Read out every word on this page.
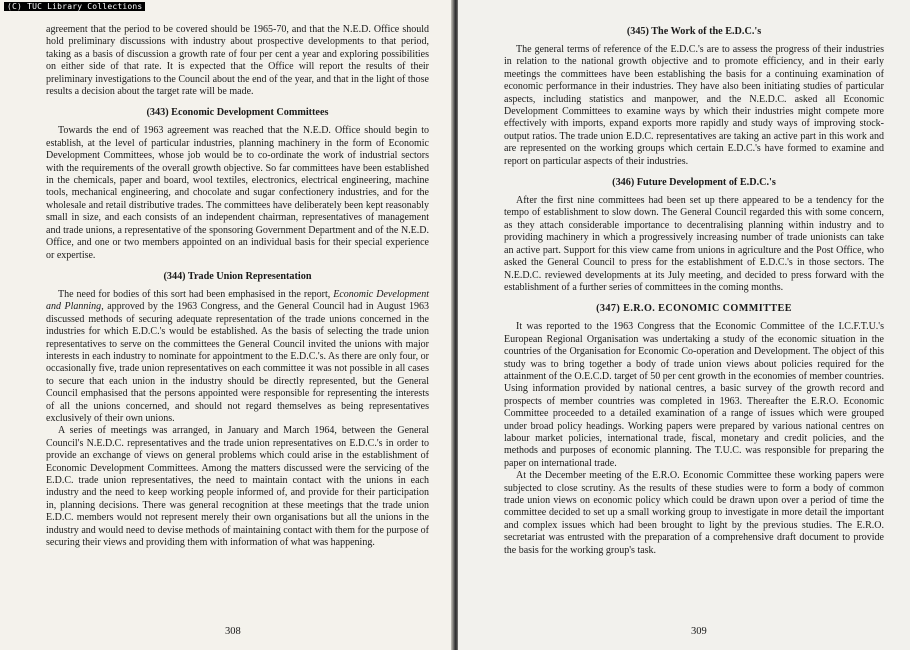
(C) TUC Library Collections

agreement that the period to be covered should be 1965-70, and that the N.E.D. Office should hold preliminary discussions with industry about prospective developments to that period, taking as a basis of discussion a growth rate of four per cent a year and exploring possibilities on either side of that rate. It is expected that the Office will report the results of their preliminary investigations to the Council about the end of the year, and that in the light of those results a decision about the target rate will be made.

(343) Economic Development Committees

Towards the end of 1963 agreement was reached that the N.E.D. Office should begin to establish, at the level of particular industries, planning machinery in the form of Economic Development Committees, whose job would be to co-ordinate the work of industrial sectors with the requirements of the overall growth objective. So far committees have been established in the chemicals, paper and board, wool textiles, electronics, electrical engineering, machine tools, mechanical engineering, and chocolate and sugar confectionery industries, and for the wholesale and retail distributive trades. The committees have deliberately been kept reasonably small in size, and each consists of an independent chairman, representatives of management and trade unions, a representative of the sponsoring Government Department and of the N.E.D. Office, and one or two members appointed on an individual basis for their special experience or expertise.

(344) Trade Union Representation

The need for bodies of this sort had been emphasised in the report, Economic Development and Planning, approved by the 1963 Congress, and the General Council had in August 1963 discussed methods of securing adequate representation of the trade unions concerned in the industries for which E.D.C.'s would be established. As the basis of selecting the trade union representatives to serve on the committees the General Council invited the unions with major interests in each industry to nominate for appointment to the E.D.C.'s. As there are only four, or occasionally five, trade union representatives on each committee it was not possible in all cases to secure that each union in the industry should be directly represented, but the General Council emphasised that the persons appointed were responsible for representing the interests of all the unions concerned, and should not regard themselves as being representatives exclusively of their own unions.

A series of meetings was arranged, in January and March 1964, between the General Council's N.E.D.C. representatives and the trade union representatives on E.D.C.'s in order to provide an exchange of views on general problems which could arise in the establishment of Economic Development Committees. Among the matters discussed were the servicing of the E.D.C. trade union representatives, the need to maintain contact with the unions in each industry and the need to keep working people informed of, and provide for their participation in, planning decisions. There was general recognition at these meetings that the trade union E.D.C. members would not represent merely their own organisations but all the unions in the industry and would need to devise methods of maintaining contact with them for the purpose of securing their views and providing them with information of what was happening.

308
(345) The Work of the E.D.C.'s

The general terms of reference of the E.D.C.'s are to assess the progress of their industries in relation to the national growth objective and to promote efficiency, and in their early meetings the committees have been establishing the basis for a continuing examination of economic performance in their industries. They have also been initiating studies of particular aspects, including statistics and manpower, and the N.E.D.C. asked all Economic Development Committees to examine ways by which their industries might compete more effectively with imports, expand exports more rapidly and study ways of improving stock-output ratios. The trade union E.D.C. representatives are taking an active part in this work and are represented on the working groups which certain E.D.C.'s have formed to examine and report on particular aspects of their industries.

(346) Future Development of E.D.C.'s

After the first nine committees had been set up there appeared to be a tendency for the tempo of establishment to slow down. The General Council regarded this with some concern, as they attach considerable importance to decentralising planning within industry and to providing machinery in which a progressively increasing number of trade unionists can take an active part. Support for this view came from unions in agriculture and the Post Office, who asked the General Council to press for the establishment of E.D.C.'s in those sectors. The N.E.D.C. reviewed developments at its July meeting, and decided to press forward with the establishment of a further series of committees in the coming months.

(347) E.R.O. ECONOMIC COMMITTEE

It was reported to the 1963 Congress that the Economic Committee of the I.C.F.T.U.'s European Regional Organisation was undertaking a study of the economic situation in the countries of the Organisation for Economic Co-operation and Development. The object of this study was to bring together a body of trade union views about policies required for the attainment of the O.E.C.D. target of 50 per cent growth in the economies of member countries. Using information provided by national centres, a basic survey of the growth record and prospects of member countries was completed in 1963. Thereafter the E.R.O. Economic Committee proceeded to a detailed examination of a range of issues which were grouped under broad policy headings. Working papers were prepared by various national centres on labour market policies, international trade, fiscal, monetary and credit policies, and the methods and purposes of economic planning. The T.U.C. was responsible for preparing the paper on international trade.

At the December meeting of the E.R.O. Economic Committee these working papers were subjected to close scrutiny. As the results of these studies were to form a body of common trade union views on economic policy which could be drawn upon over a period of time the committee decided to set up a small working group to investigate in more detail the important and complex issues which had been brought to light by the previous studies. The E.R.O. secretariat was entrusted with the preparation of a comprehensive draft document to provide the basis for the working group's task.

309
